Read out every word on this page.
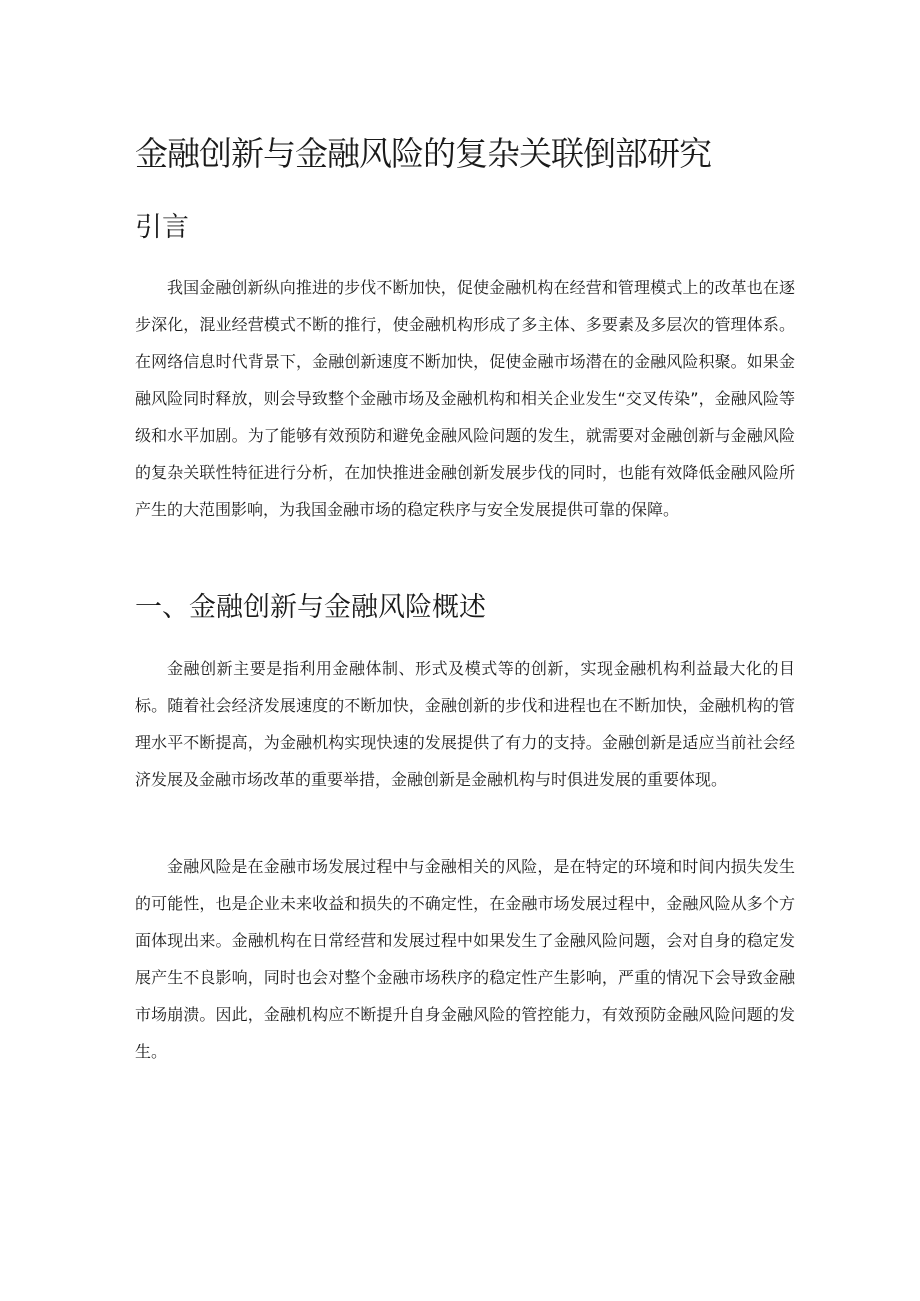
金融创新与金融风险的复杂关联倒部研究
引言

我国金融创新纵向推进的步伐不断加快，促使金融机构在经营和管理模式上的改革也在逐步深化，混业经营模式不断的推行，使金融机构形成了多主体、多要素及多层次的管理体系。在网络信息时代背景下，金融创新速度不断加快，促使金融市场潜在的金融风险积聚。如果金融风险同时释放，则会导致整个金融市场及金融机构和相关企业发生“交叉传染”，金融风险等级和水平加剧。为了能够有效预防和避免金融风险问题的发生，就需要对金融创新与金融风险的复杂关联性特征进行分析，在加快推进金融创新发展步伐的同时，也能有效降低金融风险所产生的大范围影响，为我国金融市场的稳定秩序与安全发展提供可靠的保障。

一、金融创新与金融风险概述

金融创新主要是指利用金融体制、形式及模式等的创新，实现金融机构利益最大化的目标。随着社会经济发展速度的不断加快，金融创新的步伐和进程也在不断加快，金融机构的管理水平不断提高，为金融机构实现快速的发展提供了有力的支持。金融创新是适应当前社会经济发展及金融市场改革的重要举措，金融创新是金融机构与时俱进发展的重要体现。

金融风险是在金融市场发展过程中与金融相关的风险，是在特定的环境和时间内损失发生的可能性，也是企业未来收益和损失的不确定性，在金融市场发展过程中，金融风险从多个方面体现出来。金融机构在日常经营和发展过程中如果发生了金融风险问题，会对自身的稳定发展产生不良影响，同时也会对整个金融市场秩序的稳定性产生影响，严重的情况下会导致金融市场崩溃。因此，金融机构应不断提升自身金融风险的管控能力，有效预防金融风险问题的发生。
